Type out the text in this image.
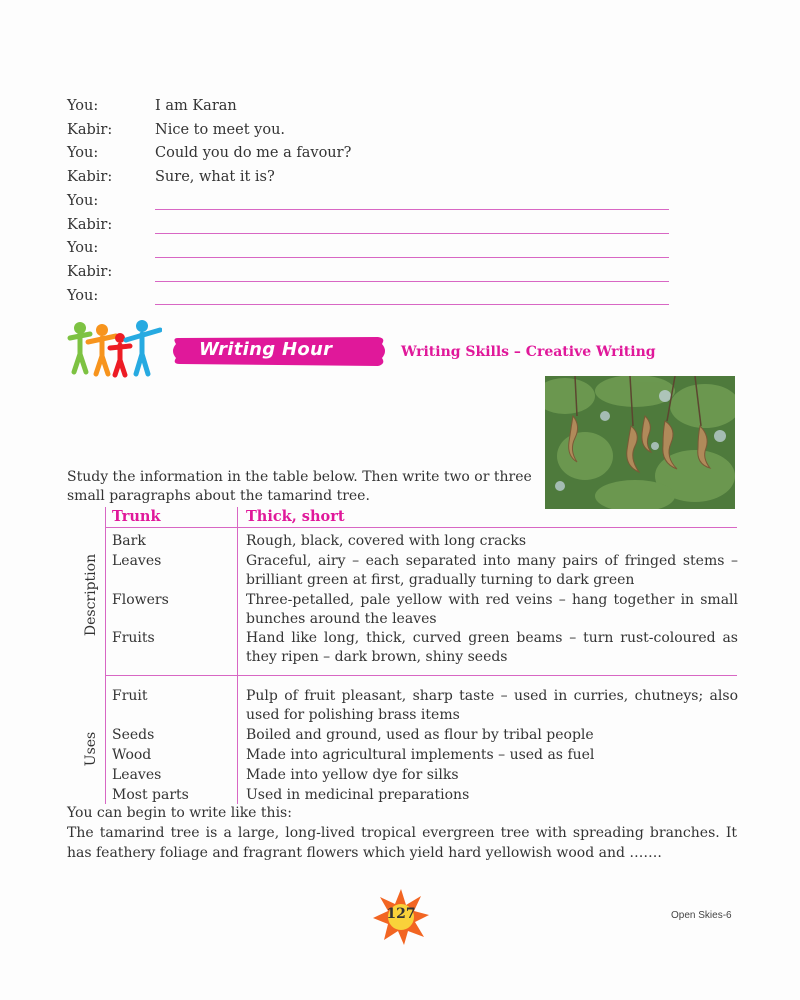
You:	I am Karan
Kabir:	Nice to meet you.
You:	Could you do me a favour?
Kabir:	Sure, what it is?
You:
Kabir:
You:
Kabir:
You:
Writing Hour	Writing Skills – Creative Writing
Study the information in the table below. Then write two or three small paragraphs about the tamarind tree.
Trunk	Thick, short
Description
Uses
Bark	Rough, black, covered with long cracks
Leaves	Graceful, airy – each separated into many pairs of fringed stems – brilliant green at first, gradually turning to dark green
Flowers	Three-petalled, pale yellow with red veins – hang together in small bunches around the leaves
Fruits	Hand like long, thick, curved green beams – turn rust-coloured as they ripen – dark brown, shiny seeds
Fruit	Pulp of fruit pleasant, sharp taste – used in curries, chutneys; also used for polishing brass items
Seeds	Boiled and ground, used as flour by tribal people
Wood	Made into agricultural implements – used as fuel
Leaves	Made into yellow dye for silks
Most parts	Used in medicinal preparations

You can begin to write like this:

The tamarind tree is a large, long-lived tropical evergreen tree with spreading branches. It has feathery foliage and fragrant flowers which yield hard yellowish wood and …….

127	Open Skies-6
